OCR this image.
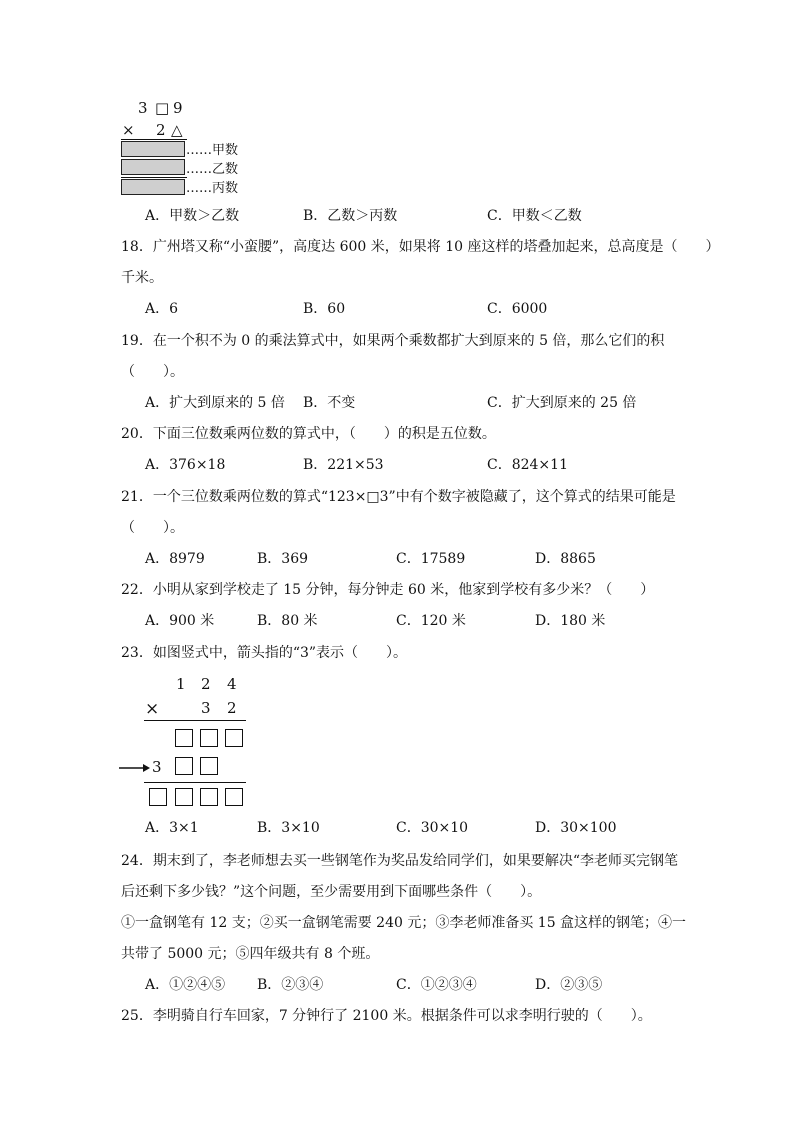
3 □ 9
× 2 △
……甲数
……乙数
……丙数
A．甲数＞乙数	B．乙数＞丙数	C．甲数＜乙数
18．广州塔又称“小蛮腰”，高度达 600 米，如果将 10 座这样的塔叠加起来，总高度是（　　）
千米。
A．6	B．60	C．6000
19．在一个积不为 0 的乘法算式中，如果两个乘数都扩大到原来的 5 倍，那么它们的积
（　　）。
A．扩大到原来的 5 倍 B．不变	C．扩大到原来的 25 倍
20．下面三位数乘两位数的算式中，（　　）的积是五位数。
A．376×18	B．221×53	C．824×11
21．一个三位数乘两位数的算式“123×□3”中有个数字被隐藏了，这个算式的结果可能是
（　　）。
A．8979	B．369	C．17589	D．8865
22．小明从家到学校走了 15 分钟，每分钟走 60 米，他家到学校有多少米？（　　）
A．900 米	B．80 米	C．120 米	D．180 米
23．如图竖式中，箭头指的“3”表示（　　）。
1 2 4
×	3 2
3
A．3×1	B．3×10	C．30×10	D．30×100
24．期末到了，李老师想去买一些钢笔作为奖品发给同学们，如果要解决“李老师买完钢笔
后还剩下多少钱？”这个问题，至少需要用到下面哪些条件（　　）。
①一盒钢笔有 12 支；②买一盒钢笔需要 240 元；③李老师准备买 15 盒这样的钢笔；④一
共带了 5000 元；⑤四年级共有 8 个班。
A．①②④⑤ B．②③④	C．①②③④	D．②③⑤
25．李明骑自行车回家，7 分钟行了 2100 米。根据条件可以求李明行驶的（　　）。
